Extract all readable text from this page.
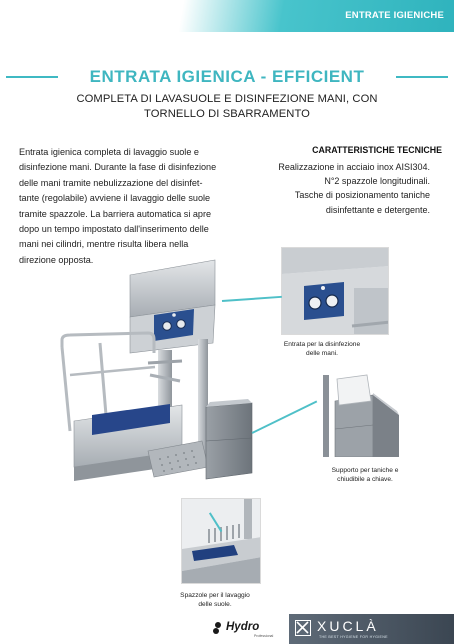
ENTRATE IGIENICHE
ENTRATA IGIENICA - EFFICIENT
COMPLETA DI LAVASUOLE E DISINFEZIONE MANI, CON
TORNELLO DI SBARRAMENTO
Entrata igienica completa di lavaggio suole e
disinfezione mani. Durante la fase di disinfezione
delle mani tramite nebulizzazione del disinfet-
tante (regolabile) avviene il lavaggio delle suole
tramite spazzole. La barriera automatica si apre
dopo un tempo impostato dall'inserimento delle
mani nei cilindri, mentre risulta libera nella
direzione opposta.
CARATTERISTICHE TECNICHE
Realizzazione in acciaio inox AISI304.
N°2 spazzole longitudinali.
Tasche di posizionamento taniche
disinfettante e detergente.
Entrata per la disinfezione
delle mani.
Supporto per taniche e
chiudibile a chiave.
Spazzole per il lavaggio
delle suole.
Hydro
Professional
XUCLÀ
THE BEST HYGIENE FOR HYGIENE
